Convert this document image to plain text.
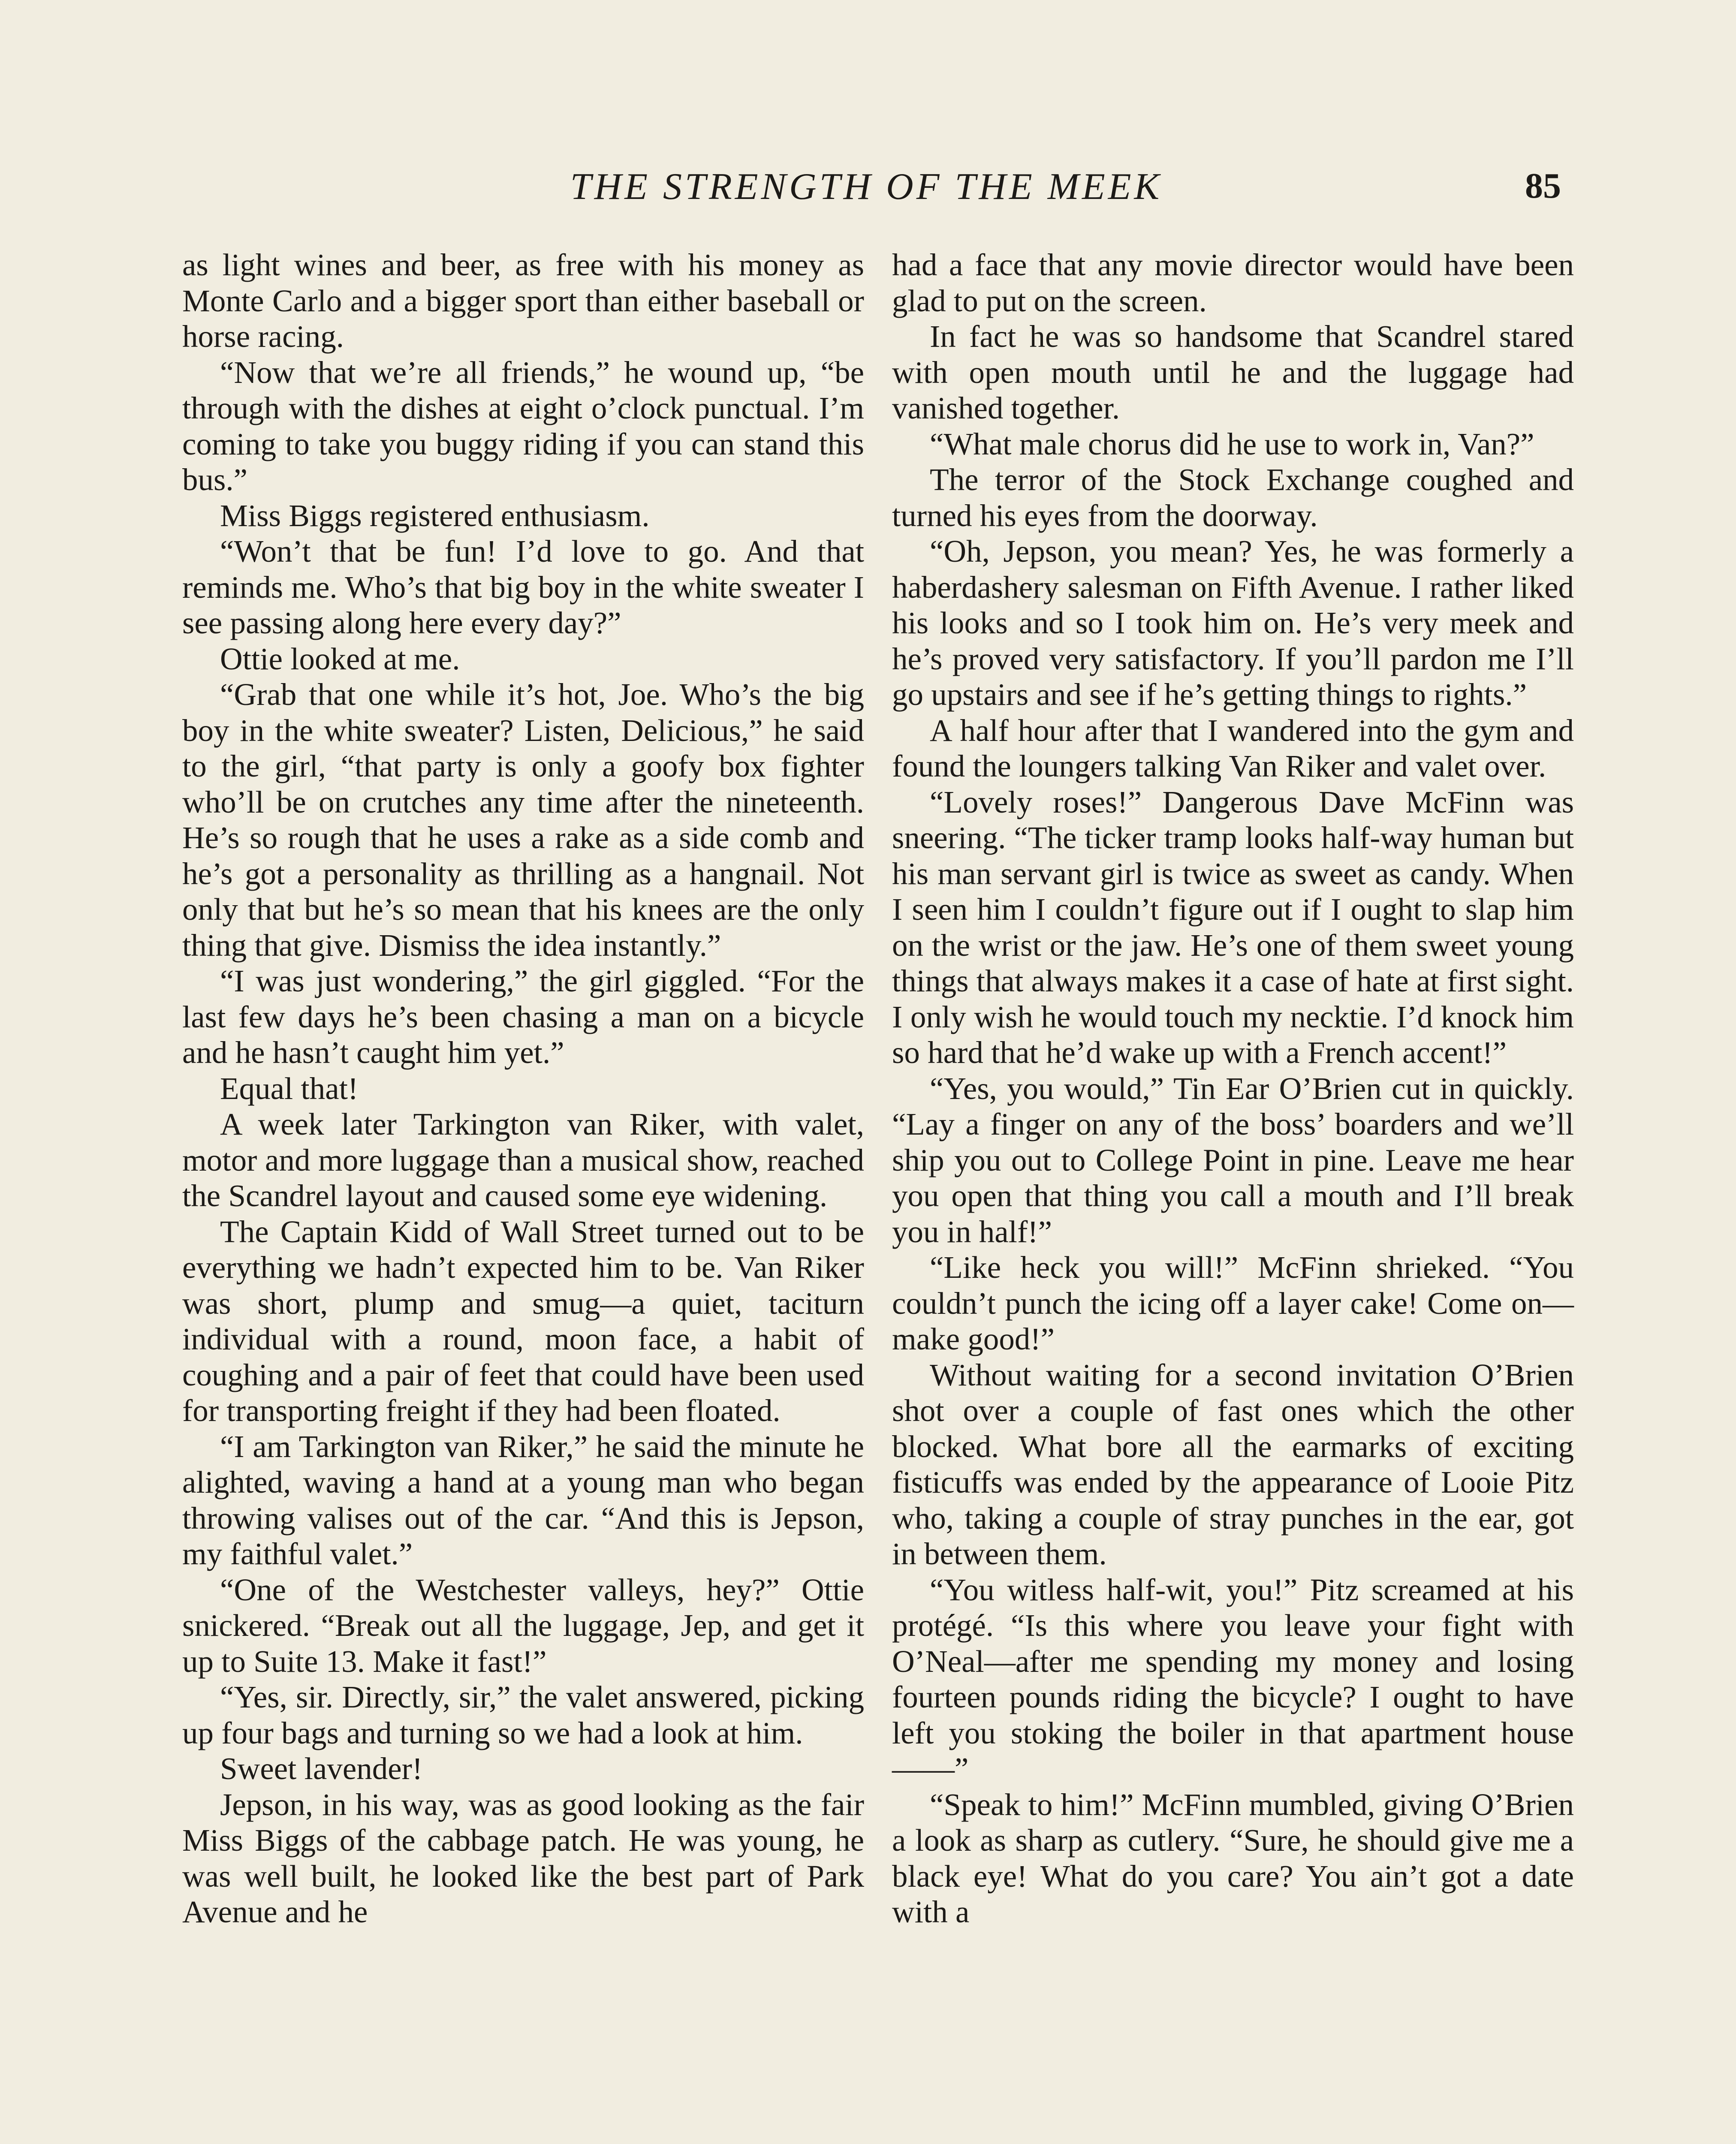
THE STRENGTH OF THE MEEK	85

as light wines and beer, as free with his money as Monte Carlo and a bigger sport than either baseball or horse racing.

“Now that we’re all friends,” he wound up, “be through with the dishes at eight o’clock punctual. I’m coming to take you buggy riding if you can stand this bus.”

Miss Biggs registered enthusiasm.

“Won’t that be fun! I’d love to go. And that reminds me. Who’s that big boy in the white sweater I see passing along here every day?”

Ottie looked at me.

“Grab that one while it’s hot, Joe. Who’s the big boy in the white sweater? Listen, Delicious,” he said to the girl, “that party is only a goofy box fighter who’ll be on crutches any time after the nineteenth. He’s so rough that he uses a rake as a side comb and he’s got a personality as thrilling as a hangnail. Not only that but he’s so mean that his knees are the only thing that give. Dismiss the idea instantly.”

“I was just wondering,” the girl giggled. “For the last few days he’s been chasing a man on a bicycle and he hasn’t caught him yet.”

Equal that!

A week later Tarkington van Riker, with valet, motor and more luggage than a musical show, reached the Scandrel layout and caused some eye widening.

The Captain Kidd of Wall Street turned out to be everything we hadn’t expected him to be. Van Riker was short, plump and smug—a quiet, taciturn individual with a round, moon face, a habit of coughing and a pair of feet that could have been used for transporting freight if they had been floated.

“I am Tarkington van Riker,” he said the minute he alighted, waving a hand at a young man who began throwing valises out of the car. “And this is Jepson, my faithful valet.”

“One of the Westchester valleys, hey?” Ottie snickered. “Break out all the luggage, Jep, and get it up to Suite 13. Make it fast!”

“Yes, sir. Directly, sir,” the valet answered, picking up four bags and turning so we had a look at him.

Sweet lavender!

Jepson, in his way, was as good looking as the fair Miss Biggs of the cabbage patch. He was young, he was well built, he looked like the best part of Park Avenue and he

had a face that any movie director would have been glad to put on the screen.

In fact he was so handsome that Scandrel stared with open mouth until he and the luggage had vanished together.

“What male chorus did he use to work in, Van?”

The terror of the Stock Exchange coughed and turned his eyes from the doorway.

“Oh, Jepson, you mean? Yes, he was formerly a haberdashery salesman on Fifth Avenue. I rather liked his looks and so I took him on. He’s very meek and he’s proved very satisfactory. If you’ll pardon me I’ll go upstairs and see if he’s getting things to rights.”

A half hour after that I wandered into the gym and found the loungers talking Van Riker and valet over.

“Lovely roses!” Dangerous Dave McFinn was sneering. “The ticker tramp looks half-way human but his man servant girl is twice as sweet as candy. When I seen him I couldn’t figure out if I ought to slap him on the wrist or the jaw. He’s one of them sweet young things that always makes it a case of hate at first sight. I only wish he would touch my necktie. I’d knock him so hard that he’d wake up with a French accent!”

“Yes, you would,” Tin Ear O’Brien cut in quickly. “Lay a finger on any of the boss’ boarders and we’ll ship you out to College Point in pine. Leave me hear you open that thing you call a mouth and I’ll break you in half!”

“Like heck you will!” McFinn shrieked. “You couldn’t punch the icing off a layer cake! Come on—make good!”

Without waiting for a second invitation O’Brien shot over a couple of fast ones which the other blocked. What bore all the earmarks of exciting fisticuffs was ended by the appearance of Looie Pitz who, taking a couple of stray punches in the ear, got in between them.

“You witless half-wit, you!” Pitz screamed at his protégé. “Is this where you leave your fight with O’Neal—after me spending my money and losing fourteen pounds riding the bicycle? I ought to have left you stoking the boiler in that apartment house——”

“Speak to him!” McFinn mumbled, giving O’Brien a look as sharp as cutlery. “Sure, he should give me a black eye! What do you care? You ain’t got a date with a
